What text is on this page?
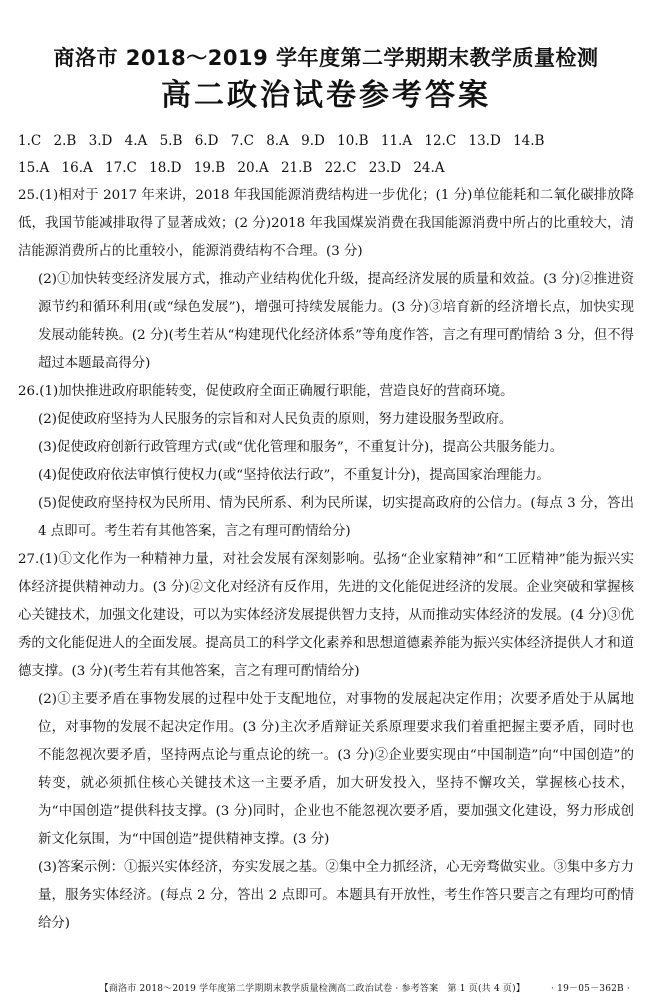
商洛市 2018～2019 学年度第二学期期末教学质量检测
高二政治试卷参考答案
1.C 2.B 3.D 4.A 5.B 6.D 7.C 8.A 9.D 10.B 11.A 12.C 13.D 14.B
15.A 16.A 17.C 18.D 19.B 20.A 21.B 22.C 23.D 24.A
25.(1)相对于 2017 年来讲，2018 年我国能源消费结构进一步优化；(1 分)单位能耗和二氧化碳排放降低，我国节能减排取得了显著成效；(2 分)2018 年我国煤炭消费在我国能源消费中所占的比重较大，清洁能源消费所占的比重较小，能源消费结构不合理。(3 分)
(2)①加快转变经济发展方式，推动产业结构优化升级，提高经济发展的质量和效益。(3 分)②推进资源节约和循环利用(或“绿色发展”)，增强可持续发展能力。(3 分)③培育新的经济增长点，加快实现发展动能转换。(2 分)(考生若从“构建现代化经济体系”等角度作答，言之有理可酌情给 3 分，但不得超过本题最高得分)
26.(1)加快推进政府职能转变，促使政府全面正确履行职能，营造良好的营商环境。
(2)促使政府坚持为人民服务的宗旨和对人民负责的原则，努力建设服务型政府。
(3)促使政府创新行政管理方式(或“优化管理和服务”，不重复计分)，提高公共服务能力。
(4)促使政府依法审慎行使权力(或“坚持依法行政”，不重复计分)，提高国家治理能力。
(5)促使政府坚持权为民所用、情为民所系、利为民所谋，切实提高政府的公信力。(每点 3 分，答出 4 点即可。考生若有其他答案，言之有理可酌情给分)
27.(1)①文化作为一种精神力量，对社会发展有深刻影响。弘扬“企业家精神”和“工匠精神”能为振兴实体经济提供精神动力。(3 分)②文化对经济有反作用，先进的文化能促进经济的发展。企业突破和掌握核心关键技术，加强文化建设，可以为实体经济发展提供智力支持，从而推动实体经济的发展。(4 分)③优秀的文化能促进人的全面发展。提高员工的科学文化素养和思想道德素养能为振兴实体经济提供人才和道德支撑。(3 分)(考生若有其他答案，言之有理可酌情给分)
(2)①主要矛盾在事物发展的过程中处于支配地位，对事物的发展起决定作用；次要矛盾处于从属地位，对事物的发展不起决定作用。(3 分)主次矛盾辩证关系原理要求我们着重把握主要矛盾，同时也不能忽视次要矛盾，坚持两点论与重点论的统一。(3 分)②企业要实现由“中国制造”向“中国创造”的转变，就必须抓住核心关键技术这一主要矛盾，加大研发投入，坚持不懈攻关，掌握核心技术，为“中国创造”提供科技支撑。(3 分)同时，企业也不能忽视次要矛盾，要加强文化建设，努力形成创新文化氛围，为“中国创造”提供精神支撑。(3 分)
(3)答案示例：①振兴实体经济，夯实发展之基。②集中全力抓经济，心无旁骛做实业。③集中多方力量，服务实体经济。(每点 2 分，答出 2 点即可。本题具有开放性，考生作答只要言之有理均可酌情给分)
【商洛市 2018～2019 学年度第二学期期末教学质量检测高二政治试卷 · 参考答案　第 1 页(共 4 页)】	· 19－05－362B ·
